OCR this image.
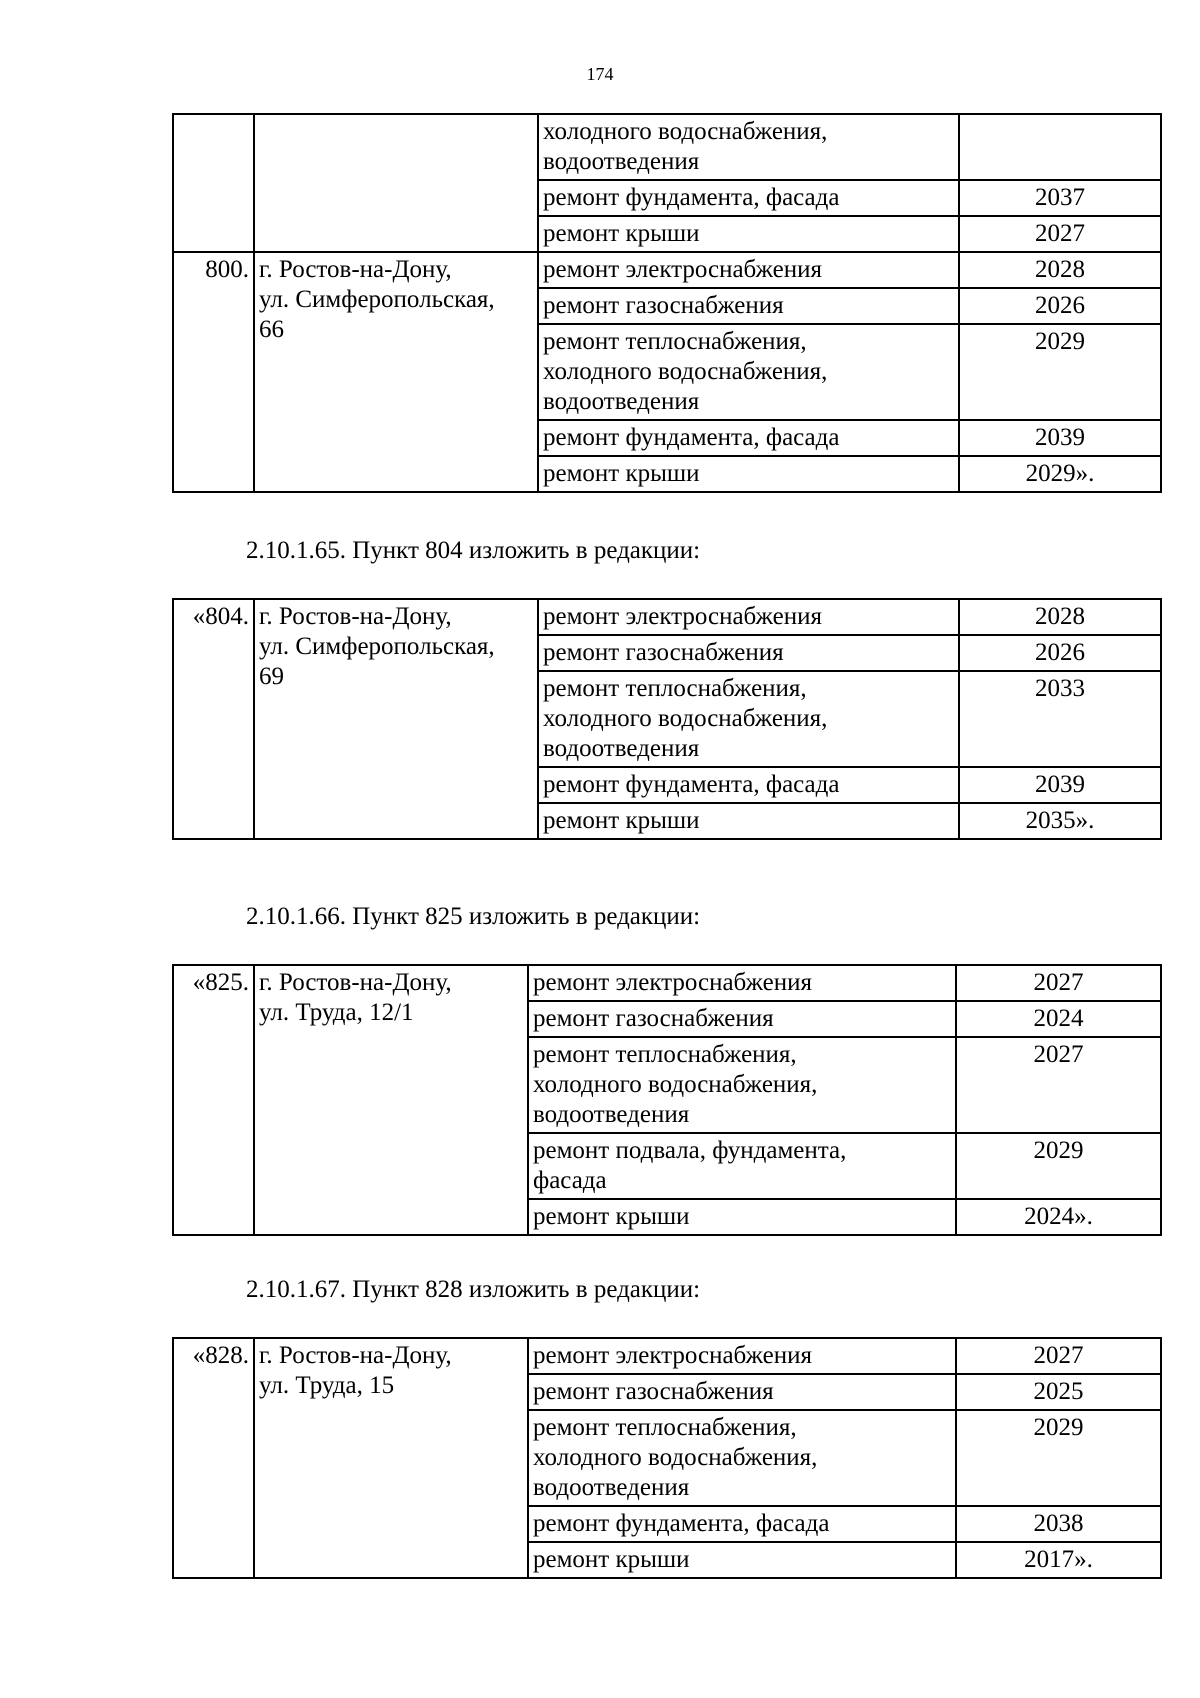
174
		холодного водоснабжения,
водоотведения	
		ремонт фундамента, фасада	2037
		ремонт крыши	2027
800.	г. Ростов-на-Дону,
ул. Симферопольская,
66	ремонт электроснабжения	2028
		ремонт газоснабжения	2026
		ремонт теплоснабжения,
холодного водоснабжения,
водоотведения	2029
		ремонт фундамента, фасада	2039
		ремонт крыши	2029».
2.10.1.65. Пункт 804 изложить в редакции:
«804.	г. Ростов-на-Дону,
ул. Симферопольская,
69	ремонт электроснабжения	2028
		ремонт газоснабжения	2026
		ремонт теплоснабжения,
холодного водоснабжения,
водоотведения	2033
		ремонт фундамента, фасада	2039
		ремонт крыши	2035».
2.10.1.66. Пункт 825 изложить в редакции:
«825.	г. Ростов-на-Дону,
ул. Труда, 12/1	ремонт электроснабжения	2027
		ремонт газоснабжения	2024
		ремонт теплоснабжения,
холодного водоснабжения,
водоотведения	2027
		ремонт подвала, фундамента,
фасада	2029
		ремонт крыши	2024».
2.10.1.67. Пункт 828 изложить в редакции:
«828.	г. Ростов-на-Дону,
ул. Труда, 15	ремонт электроснабжения	2027
		ремонт газоснабжения	2025
		ремонт теплоснабжения,
холодного водоснабжения,
водоотведения	2029
		ремонт фундамента, фасада	2038
		ремонт крыши	2017».
